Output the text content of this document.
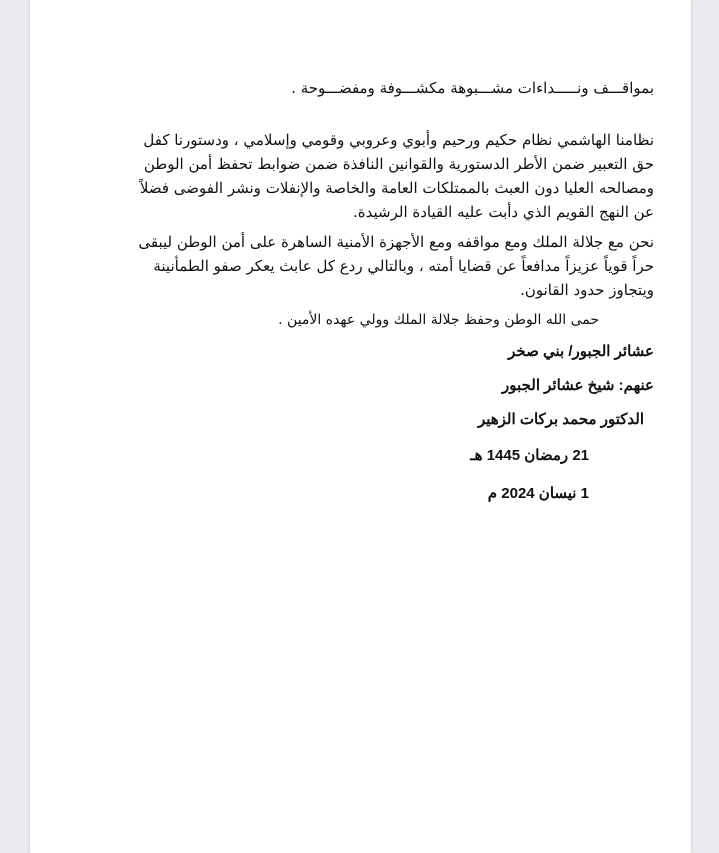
بمواقـــف ونـــــداءات مشـــبوهة مكشـــوفة ومفضـــوحة .

نظامنا الهاشمي نظام حكيم ورحيم وأبوي وعروبي وقومي وإسلامي ، ودستورنا كفل حق التعبير ضمن الأطر الدستورية والقوانين النافذة ضمن ضوابط تحفظ أمن الوطن ومصالحه العليا دون العبث بالممتلكات العامة والخاصة والإنفلات ونشر الفوضى فضلاً عن النهج القويم الذي دأبت عليه القيادة الرشيدة.

نحن مع جلالة الملك ومع مواقفه ومع الأجهزة الأمنية الساهرة على أمن الوطن ليبقى حراً قوياً عزيزاً مدافعاً عن قضايا أمته ، وبالتالي ردع كل عابث يعكر صفو الطمأنينة ويتجاوز حدود القانون.

حمى الله الوطن وحفظ جلالة الملك وولي عهده الأمين .

عشائر الجبور/ بني صخر

عنهم: شيخ عشائر الجبور

الدكتور محمد بركات الزهير

21 رمضان 1445 هـ

1 نيسان 2024 م
